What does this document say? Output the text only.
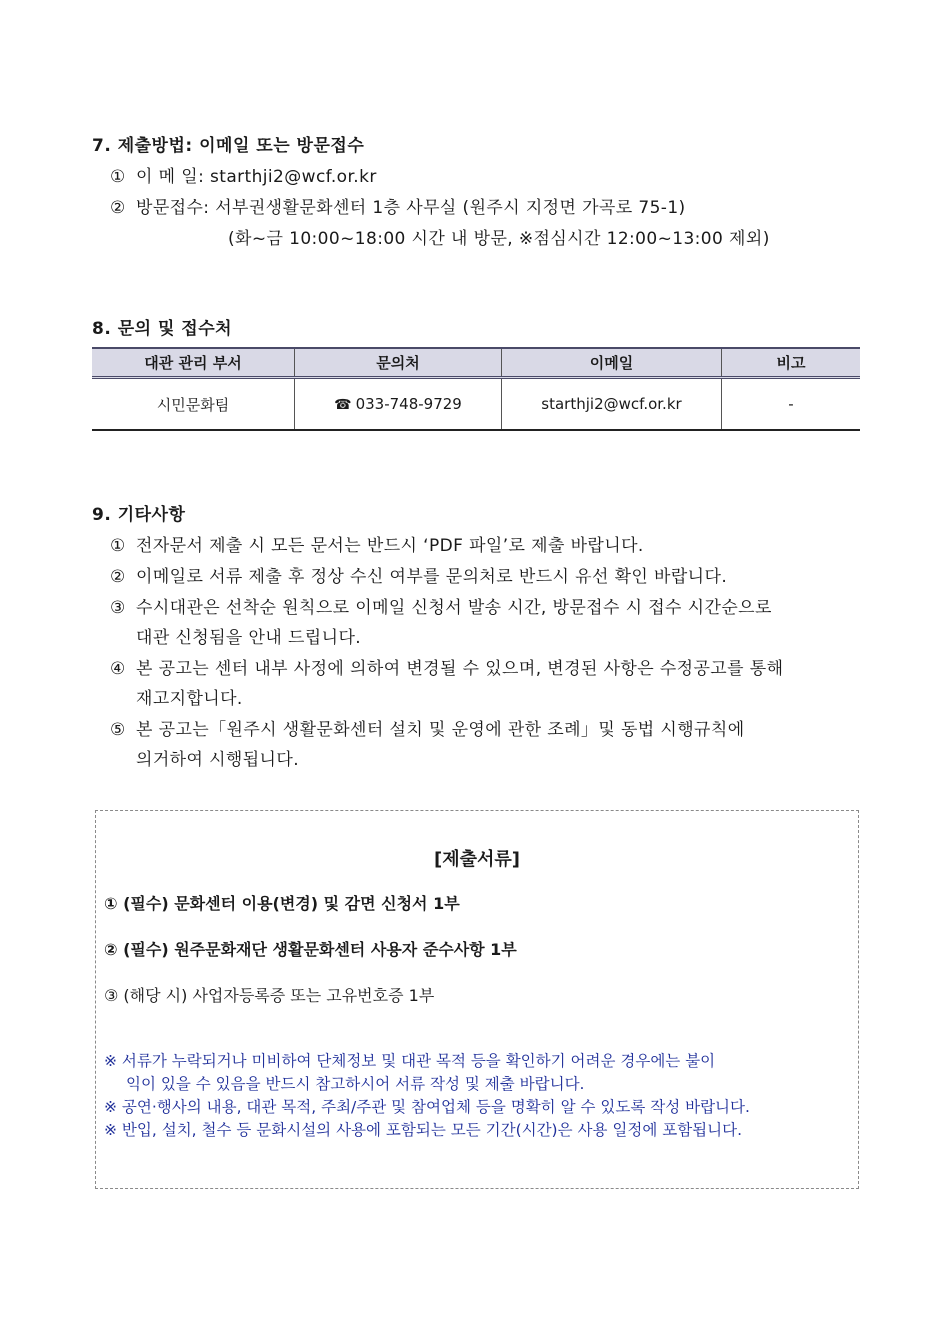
7. 제출방법: 이메일 또는 방문접수
① 이 메 일: starthji2@wcf.or.kr
② 방문접수: 서부권생활문화센터 1층 사무실 (원주시 지정면 가곡로 75-1)
(화~금 10:00~18:00 시간 내 방문, ※점심시간 12:00~13:00 제외)
8. 문의 및 접수처
대관 관리 부서	문의처	이메일	비고
시민문화팀	☎ 033-748-9729	starthji2@wcf.or.kr	-
9. 기타사항
① 전자문서 제출 시 모든 문서는 반드시 ‘PDF 파일’로 제출 바랍니다.
② 이메일로 서류 제출 후 정상 수신 여부를 문의처로 반드시 유선 확인 바랍니다.
③ 수시대관은 선착순 원칙으로 이메일 신청서 발송 시간, 방문접수 시 접수 시간순으로
대관 신청됨을 안내 드립니다.
④ 본 공고는 센터 내부 사정에 의하여 변경될 수 있으며, 변경된 사항은 수정공고를 통해
재고지합니다.
⑤ 본 공고는「원주시 생활문화센터 설치 및 운영에 관한 조례」및 동법 시행규칙에
의거하여 시행됩니다.
[제출서류]
① (필수) 문화센터 이용(변경) 및 감면 신청서 1부
② (필수) 원주문화재단 생활문화센터 사용자 준수사항 1부
③ (해당 시) 사업자등록증 또는 고유번호증 1부
※ 서류가 누락되거나 미비하여 단체정보 및 대관 목적 등을 확인하기 어려운 경우에는 불이
익이 있을 수 있음을 반드시 참고하시어 서류 작성 및 제출 바랍니다.
※ 공연·행사의 내용, 대관 목적, 주최/주관 및 참여업체 등을 명확히 알 수 있도록 작성 바랍니다.
※ 반입, 설치, 철수 등 문화시설의 사용에 포함되는 모든 기간(시간)은 사용 일정에 포함됩니다.
